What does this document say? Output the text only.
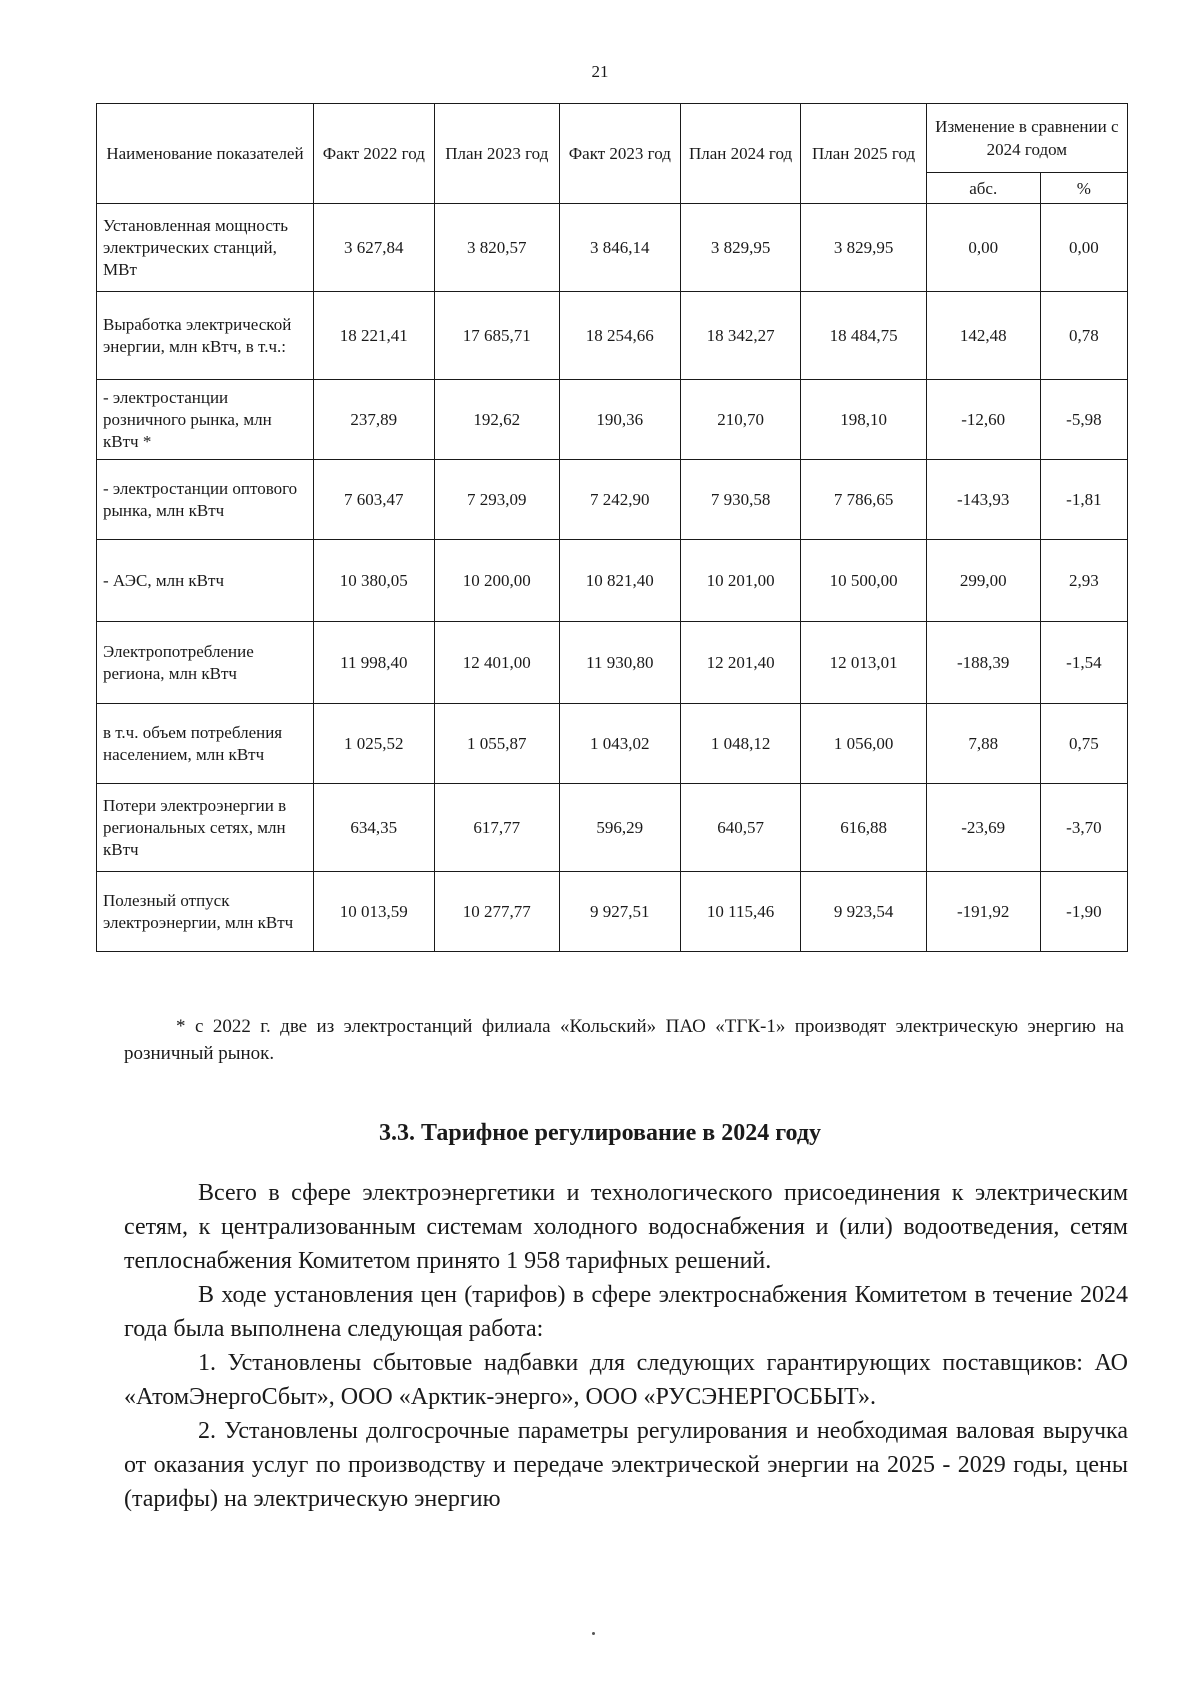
21
Наименование показателей	Факт 2022 год	План 2023 год	Факт 2023 год	План 2024 год	План 2025 год	Изменение в сравнении с 2024 годом	
						абс.	%
Установленная мощность электрических станций, МВт	3 627,84	3 820,57	3 846,14	3 829,95	3 829,95	0,00	0,00
Выработка электрической энергии, млн кВтч, в т.ч.:	18 221,41	17 685,71	18 254,66	18 342,27	18 484,75	142,48	0,78
- электростанции розничного рынка, млн кВтч *	237,89	192,62	190,36	210,70	198,10	-12,60	-5,98
- электростанции оптового рынка, млн кВтч	7 603,47	7 293,09	7 242,90	7 930,58	7 786,65	-143,93	-1,81
- АЭС, млн кВтч	10 380,05	10 200,00	10 821,40	10 201,00	10 500,00	299,00	2,93
Электропотребление региона, млн кВтч	11 998,40	12 401,00	11 930,80	12 201,40	12 013,01	-188,39	-1,54
в т.ч. объем потребления населением, млн кВтч	1 025,52	1 055,87	1 043,02	1 048,12	1 056,00	7,88	0,75
Потери электроэнергии в региональных сетях, млн кВтч	634,35	617,77	596,29	640,57	616,88	-23,69	-3,70
Полезный отпуск электроэнергии, млн кВтч	10 013,59	10 277,77	9 927,51	10 115,46	9 923,54	-191,92	-1,90
* с 2022 г. две из электростанций филиала «Кольский» ПАО «ТГК-1» производят электрическую энергию на розничный рынок.
3.3. Тарифное регулирование в 2024 году

Всего в сфере электроэнергетики и технологического присоединения к электрическим сетям, к централизованным системам холодного водоснабжения и (или) водоотведения, сетям теплоснабжения Комитетом принято 1 958 тарифных решений.

В ходе установления цен (тарифов) в сфере электроснабжения Комитетом в течение 2024 года была выполнена следующая работа:

1. Установлены сбытовые надбавки для следующих гарантирующих поставщиков: АО «АтомЭнергоСбыт», ООО «Арктик-энерго», ООО «РУСЭНЕРГОСБЫТ».

2. Установлены долгосрочные параметры регулирования и необходимая валовая выручка от оказания услуг по производству и передаче электрической энергии на 2025 - 2029 годы, цены (тарифы) на электрическую энергию
